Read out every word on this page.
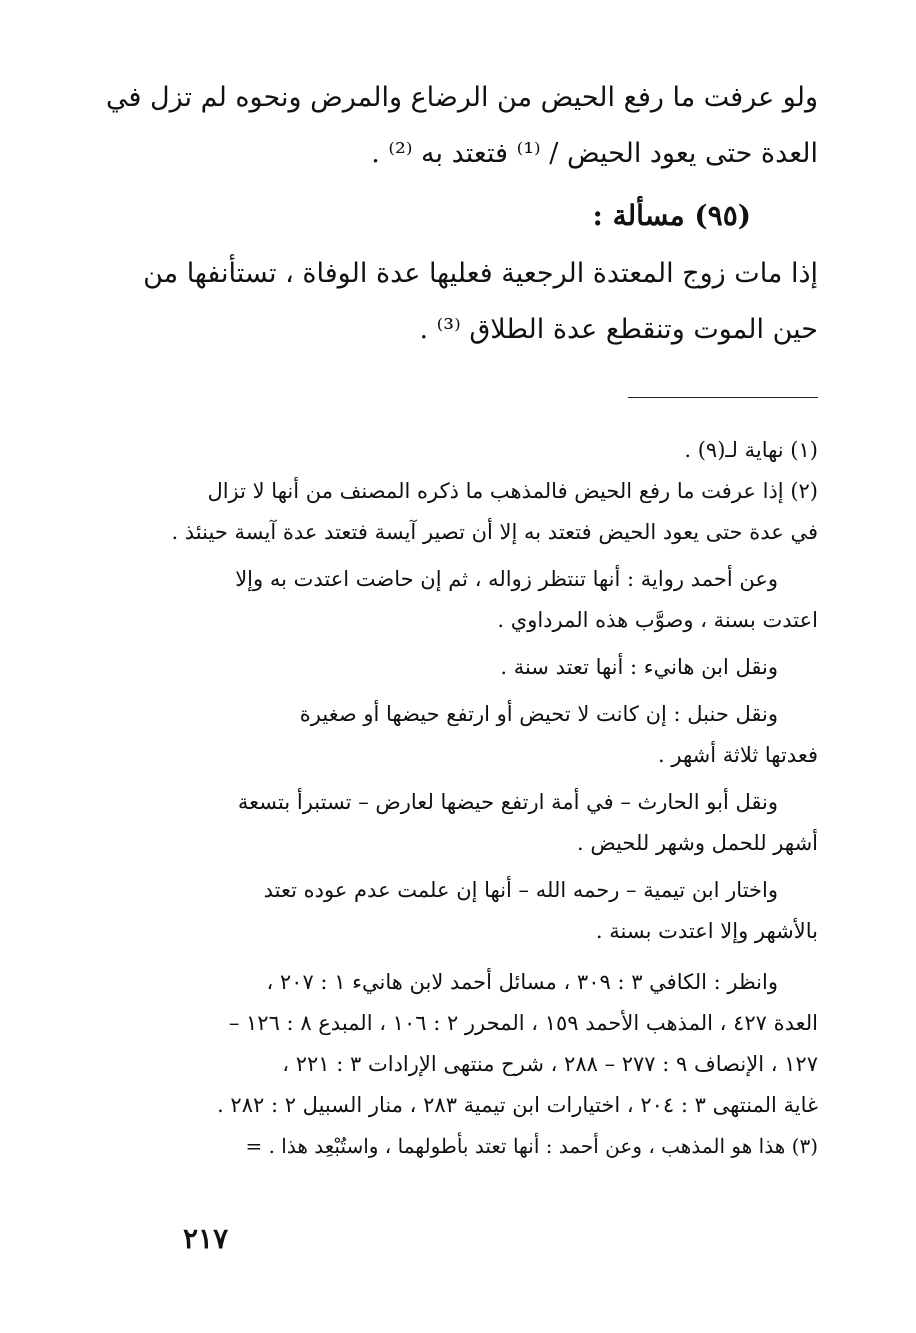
ولو عرفت ما رفع الحيض من الرضاع والمرض ونحوه لم تزل في
العدة حتى يعود الحيض / ⁽¹⁾ فتعتد به ⁽²⁾ .
(٩٥) مسألة :
إذا مات زوج المعتدة الرجعية فعليها عدة الوفاة ، تستأنفها من
حين الموت وتنقطع عدة الطلاق ⁽³⁾ .
(١) نهاية لـ(٩) .
(٢) إذا عرفت ما رفع الحيض فالمذهب ما ذكره المصنف من أنها لا تزال
في عدة حتى يعود الحيض فتعتد به إلا أن تصير آيسة فتعتد عدة آيسة حينئذ .
وعن أحمد رواية : أنها تنتظر زواله ، ثم إن حاضت اعتدت به وإلا
اعتدت بسنة ، وصوَّب هذه المرداوي .
ونقل ابن هانيء : أنها تعتد سنة .
ونقل حنبل : إن كانت لا تحيض أو ارتفع حيضها أو صغيرة
فعدتها ثلاثة أشهر .
ونقل أبو الحارث – في أمة ارتفع حيضها لعارض – تستبرأ بتسعة
أشهر للحمل وشهر للحيض .
واختار ابن تيمية – رحمه الله – أنها إن علمت عدم عوده تعتد
بالأشهر وإلا اعتدت بسنة .
وانظر : الكافي ٣ : ٣٠٩ ، مسائل أحمد لابن هانيء ١ : ٢٠٧ ،
العدة ٤٢٧ ، المذهب الأحمد ١٥٩ ، المحرر ٢ : ١٠٦ ، المبدع ٨ : ١٢٦ –
١٢٧ ، الإنصاف ٩ : ٢٧٧ – ٢٨٨ ، شرح منتهى الإرادات ٣ : ٢٢١ ،
غاية المنتهى ٣ : ٢٠٤ ، اختيارات ابن تيمية ٢٨٣ ، منار السبيل ٢ : ٢٨٢ .
(٣) هذا هو المذهب ، وعن أحمد : أنها تعتد بأطولهما ، واستُبْعِد هذا . =
٢١٧
